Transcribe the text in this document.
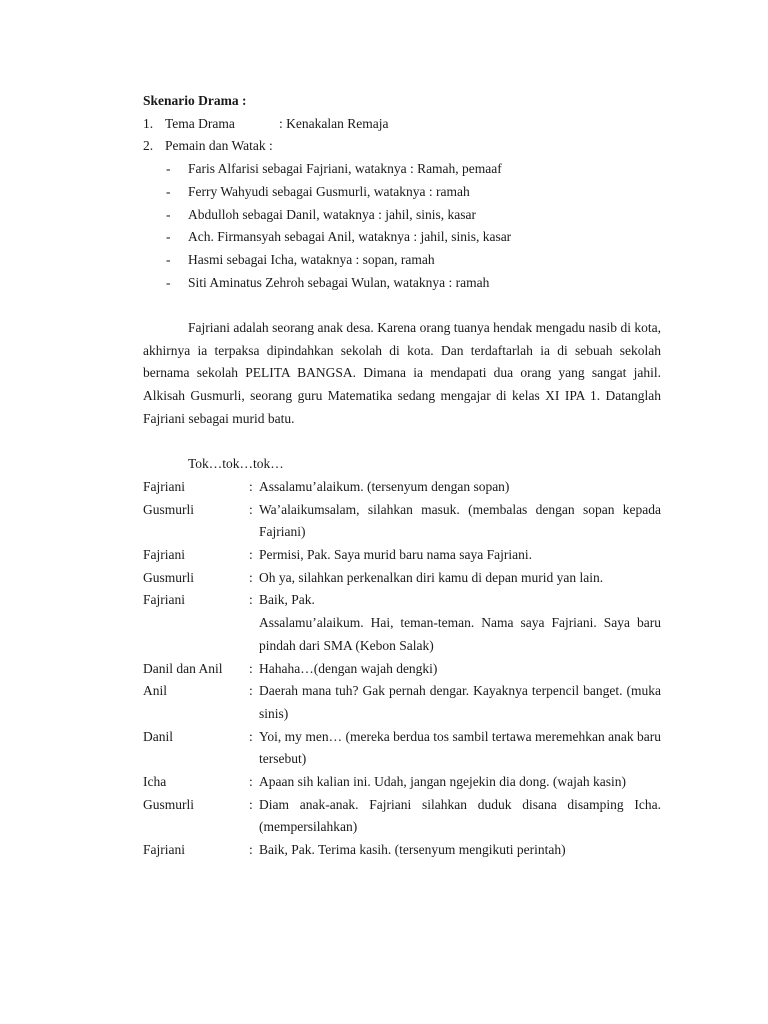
Skenario Drama :
1. Tema Drama	: Kenakalan Remaja
2. Pemain dan Watak :
- Faris Alfarisi sebagai Fajriani, wataknya : Ramah, pemaaf
- Ferry Wahyudi sebagai Gusmurli, wataknya : ramah
- Abdulloh sebagai Danil, wataknya : jahil, sinis, kasar
- Ach. Firmansyah sebagai Anil, wataknya : jahil, sinis, kasar
- Hasmi sebagai Icha, wataknya : sopan, ramah
- Siti Aminatus Zehroh sebagai Wulan, wataknya : ramah
Fajriani adalah seorang anak desa. Karena orang tuanya hendak mengadu nasib di kota, akhirnya ia terpaksa dipindahkan sekolah di kota. Dan terdaftarlah ia di sebuah sekolah bernama sekolah PELITA BANGSA. Dimana ia mendapati dua orang yang sangat jahil. Alkisah Gusmurli, seorang guru Matematika sedang mengajar di kelas XI IPA 1. Datanglah Fajriani sebagai murid batu.
Tok…tok…tok…
Fajriani	: Assalamu’alaikum. (tersenyum dengan sopan)
Gusmurli	: Wa’alaikumsalam, silahkan masuk. (membalas dengan sopan kepada Fajriani)
Fajriani	: Permisi, Pak. Saya murid baru nama saya Fajriani.
Gusmurli	: Oh ya, silahkan perkenalkan diri kamu di depan murid yan lain.
Fajriani	: Baik, Pak.
Assalamu’alaikum. Hai, teman-teman. Nama saya Fajriani. Saya baru pindah dari SMA (Kebon Salak)
Danil dan Anil	: Hahaha…(dengan wajah dengki)
Anil	: Daerah mana tuh? Gak pernah dengar. Kayaknya terpencil banget. (muka sinis)
Danil	: Yoi, my men… (mereka berdua tos sambil tertawa meremehkan anak baru tersebut)
Icha	: Apaan sih kalian ini. Udah, jangan ngejekin dia dong. (wajah kasin)
Gusmurli	: Diam anak-anak. Fajriani silahkan duduk disana disamping Icha. (mempersilahkan)
Fajriani	: Baik, Pak. Terima kasih. (tersenyum mengikuti perintah)
